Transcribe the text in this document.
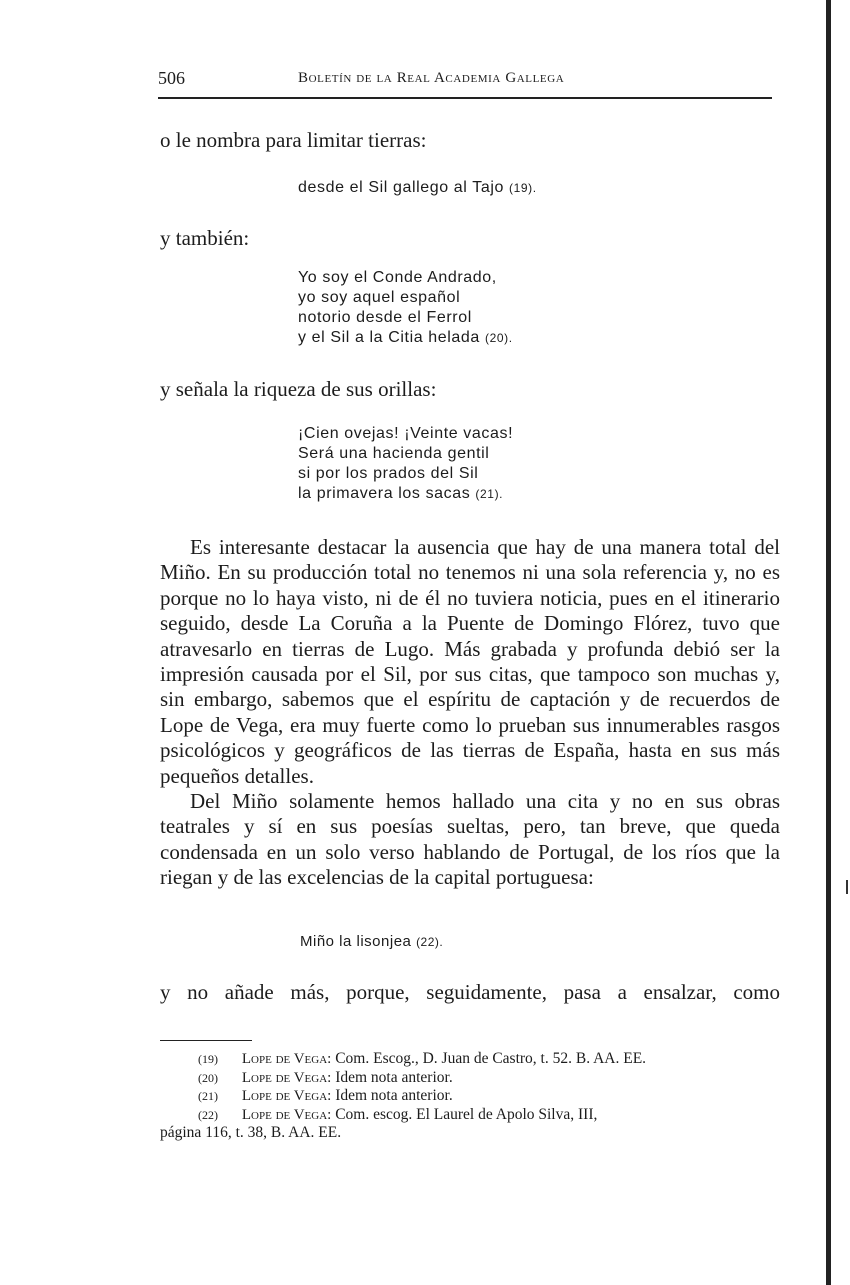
506	Boletín de la Real Academia Gallega
o le nombra para limitar tierras:
desde el Sil gallego al Tajo (19).
y también:
Yo soy el Conde Andrado,
yo soy aquel español
notorio desde el Ferrol
y el Sil a la Citia helada (20).
y señala la riqueza de sus orillas:
¡Cien ovejas! ¡Veinte vacas!
Será una hacienda gentil
si por los prados del Sil
la primavera los sacas (21).

Es interesante destacar la ausencia que hay de una manera total del Miño. En su producción total no tenemos ni una sola referencia y, no es porque no lo haya visto, ni de él no tuviera noticia, pues en el itinerario seguido, desde La Coruña a la Puente de Domingo Flórez, tuvo que atravesarlo en tierras de Lugo. Más grabada y profunda debió ser la impresión causada por el Sil, por sus citas, que tampoco son muchas y, sin embargo, sabemos que el espíritu de captación y de recuerdos de Lope de Vega, era muy fuerte como lo prueban sus innumerables rasgos psicológicos y geográficos de las tierras de España, hasta en sus más pequeños detalles.

Del Miño solamente hemos hallado una cita y no en sus obras teatrales y sí en sus poesías sueltas, pero, tan breve, que queda condensada en un solo verso hablando de Portugal, de los ríos que la riegan y de las excelencias de la capital portuguesa:

Miño la lisonjea (22).
y no añade más, porque, seguidamente, pasa a ensalzar, como
(19) Lope de Vega: Com. Escog., D. Juan de Castro, t. 52. B. AA. EE.
(20) Lope de Vega: Idem nota anterior.
(21) Lope de Vega: Idem nota anterior.
(22) Lope de Vega: Com. escog. El Laurel de Apolo Silva, III,
página 116, t. 38, B. AA. EE.
